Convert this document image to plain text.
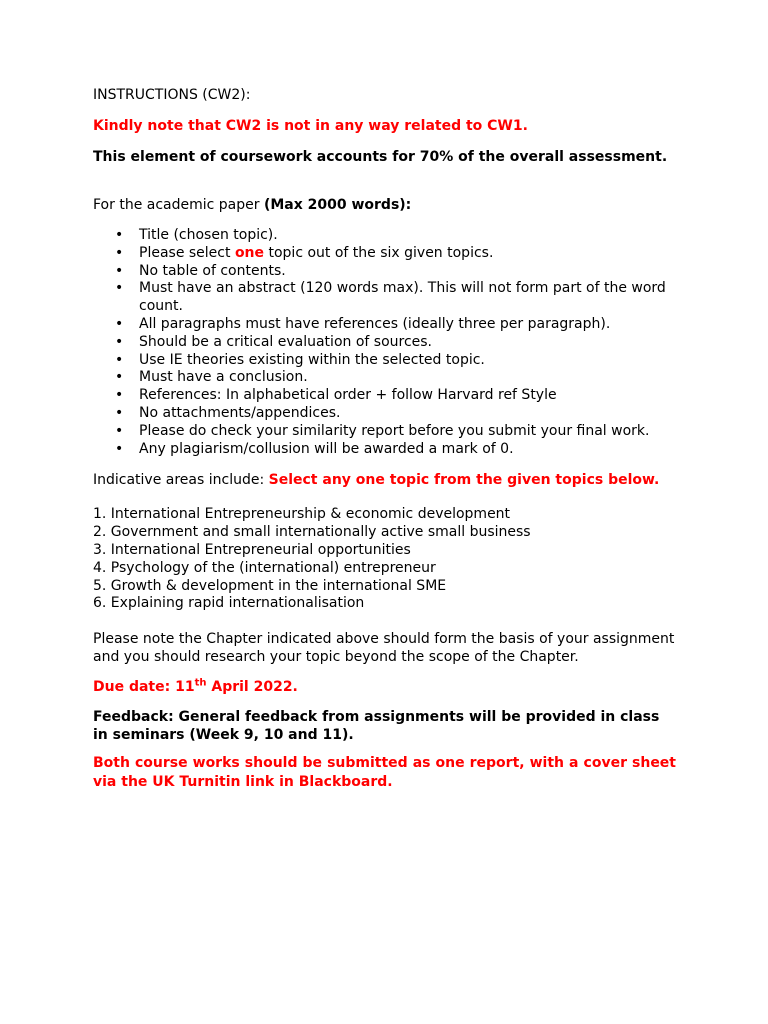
INSTRUCTIONS (CW2):

Kindly note that CW2 is not in any way related to CW1.

This element of coursework accounts for 70% of the overall assessment.

For the academic paper (Max 2000 words):

• Title (chosen topic).
• Please select one topic out of the six given topics.
• No table of contents.
• Must have an abstract (120 words max). This will not form part of the word count.
• All paragraphs must have references (ideally three per paragraph).
• Should be a critical evaluation of sources.
• Use IE theories existing within the selected topic.
• Must have a conclusion.
• References: In alphabetical order + follow Harvard ref Style
• No attachments/appendices.
• Please do check your similarity report before you submit your final work.
• Any plagiarism/collusion will be awarded a mark of 0.

Indicative areas include: Select any one topic from the given topics below.

1. International Entrepreneurship & economic development
2. Government and small internationally active small business
3. International Entrepreneurial opportunities
4. Psychology of the (international) entrepreneur
5. Growth & development in the international SME
6. Explaining rapid internationalisation

Please note the Chapter indicated above should form the basis of your assignment and you should research your topic beyond the scope of the Chapter.

Due date: 11th April 2022.

Feedback: General feedback from assignments will be provided in class in seminars (Week 9, 10 and 11).

Both course works should be submitted as one report, with a cover sheet via the UK Turnitin link in Blackboard.
